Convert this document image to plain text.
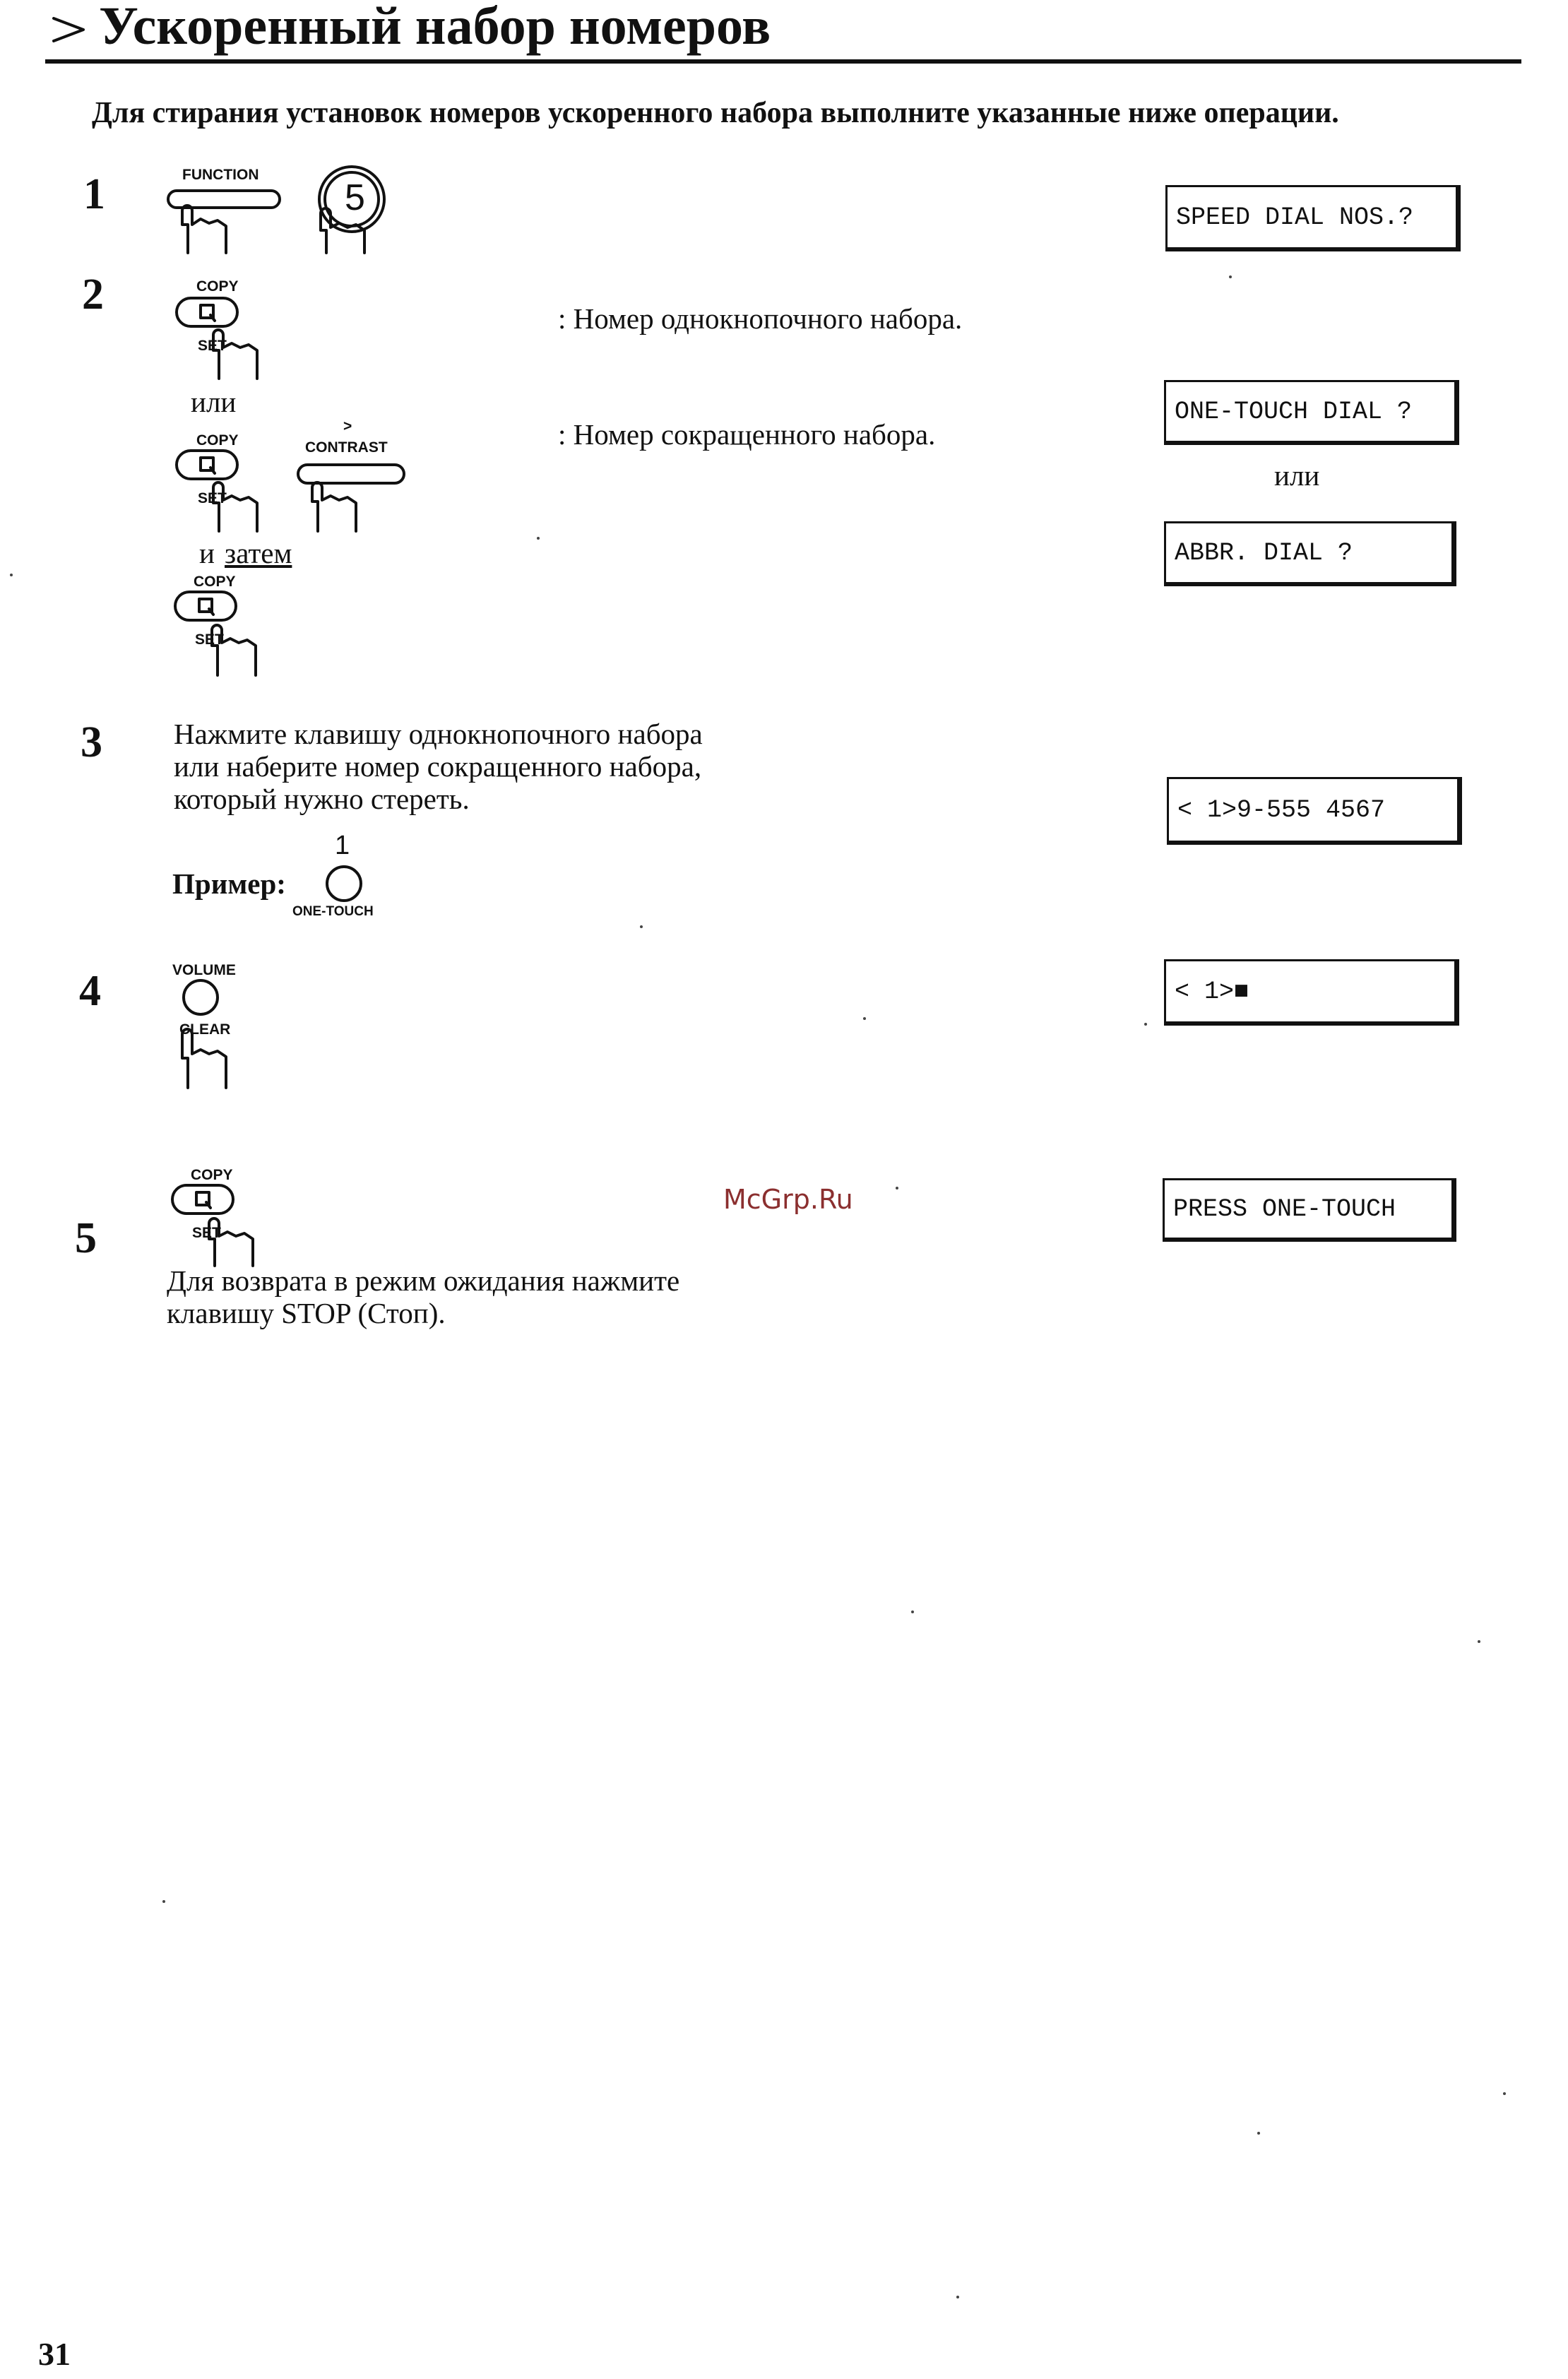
Ускоренный набор номеров
Для стирания установок номеров ускоренного набора выполните указанные ниже операции.
1	FUNCTION
5	SPEED DIAL NOS.?
2	COPY
SET
или
COPY
SET
>
CONTRAST
и затем
COPY
SET
: Номер однокнопочного набора.
: Номер сокращенного набора.
ONE-TOUCH DIAL ?
или
ABBR. DIAL ?
3 Нажмите клавишу однокнопочного набора
или наберите номер сокращенного набора,
который нужно стереть.
Пример:
1
ONE-TOUCH
< 1>9-555 4567
4	VOLUME
CLEAR
< 1>■
COPY
SET
5
Для возврата в режим ожидания нажмите
клавишу STOP (Стоп).
PRESS ONE-TOUCH
McGrp.Ru
31
